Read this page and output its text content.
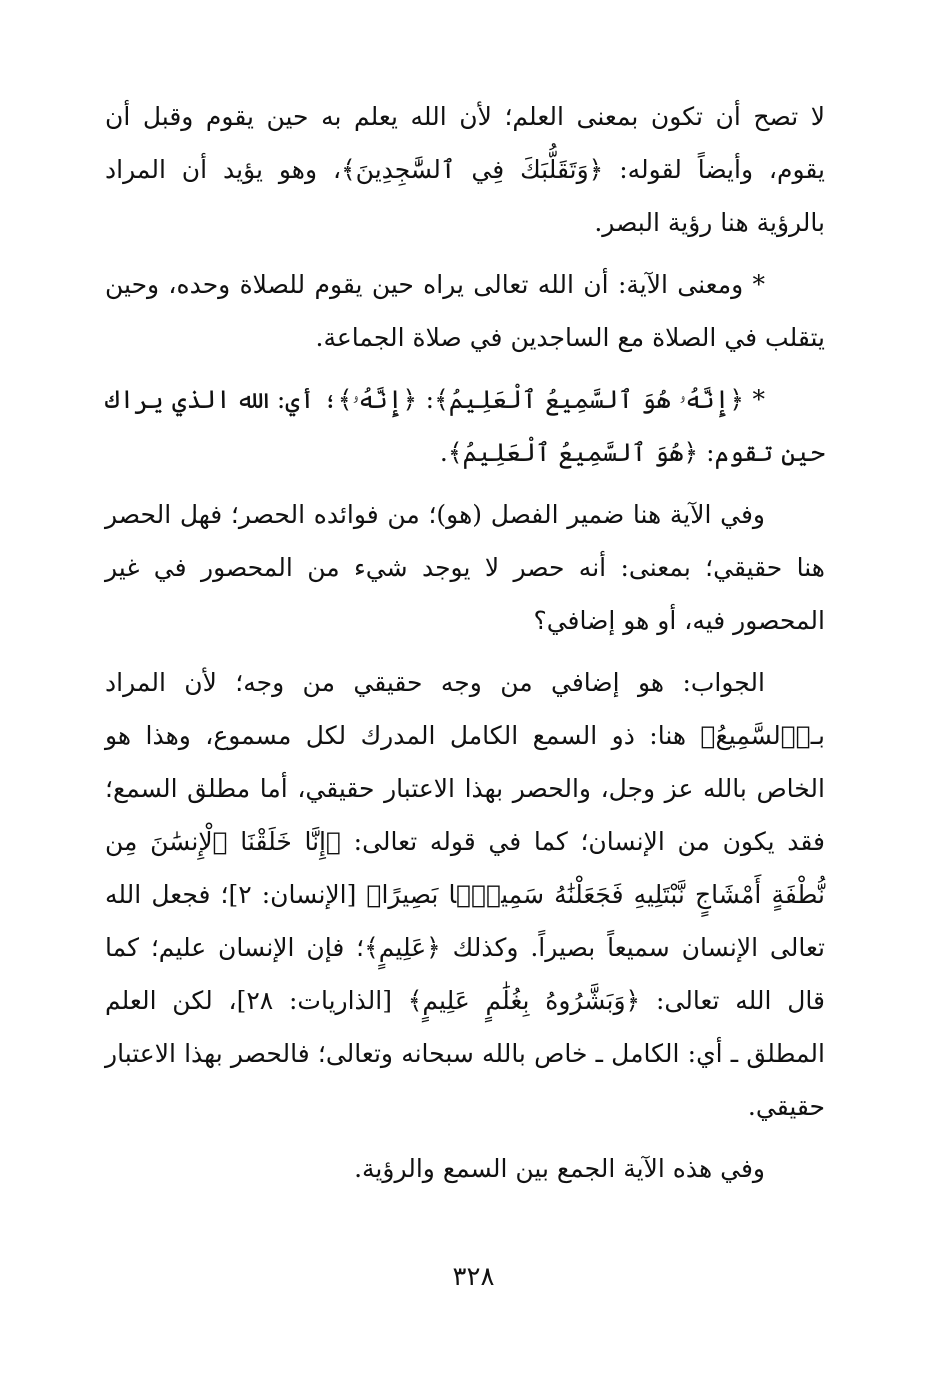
لا تصح أن تكون بمعنى العلم؛ لأن الله يعلم به حين يقوم وقبل أن يقوم، وأيضاً لقوله: ﴿وَتَقَلُّبَكَ فِي ٱلسَّٰجِدِينَ﴾، وهو يؤيد أن المراد بالرؤية هنا رؤية البصر.

* ومعنى الآية: أن الله تعالى يراه حين يقوم للصلاة وحده، وحين يتقلب في الصلاة مع الساجدين في صلاة الجماعة.

* ﴿إِنَّهُۥ هُوَ ٱلسَّمِيعُ ٱلْعَلِيمُ﴾: ﴿إِنَّهُۥ﴾؛ أي: الله الذي يراك حين تقوم: ﴿هُوَ ٱلسَّمِيعُ ٱلْعَلِيمُ﴾.

وفي الآية هنا ضمير الفصل (هو)؛ من فوائده الحصر؛ فهل الحصر هنا حقيقي؛ بمعنى: أنه حصر لا يوجد شيء من المحصور في غير المحصور فيه، أو هو إضافي؟

الجواب: هو إضافي من وجه حقيقي من وجه؛ لأن المراد بـ﴿ٱلسَّمِيعُ﴾ هنا: ذو السمع الكامل المدرك لكل مسموع، وهذا هو الخاص بالله عز وجل، والحصر بهذا الاعتبار حقيقي، أما مطلق السمع؛ فقد يكون من الإنسان؛ كما في قوله تعالى: ﴿إِنَّا خَلَقْنَا ٱلْإِنسَٰنَ مِن نُّطْفَةٍ أَمْشَاجٍ نَّبْتَلِيهِ فَجَعَلْنَٰهُ سَمِيعًۢا بَصِيرًا﴾ [الإنسان: ٢]؛ فجعل الله تعالى الإنسان سميعاً بصيراً. وكذلك ﴿عَلِيمٍ﴾؛ فإن الإنسان عليم؛ كما قال الله تعالى: ﴿وَبَشَّرُوهُ بِغُلَٰمٍ عَلِيمٍ﴾ [الذاريات: ٢٨]، لكن العلم المطلق ـ أي: الكامل ـ خاص بالله سبحانه وتعالى؛ فالحصر بهذا الاعتبار حقيقي.

وفي هذه الآية الجمع بين السمع والرؤية.

٣٢٨
